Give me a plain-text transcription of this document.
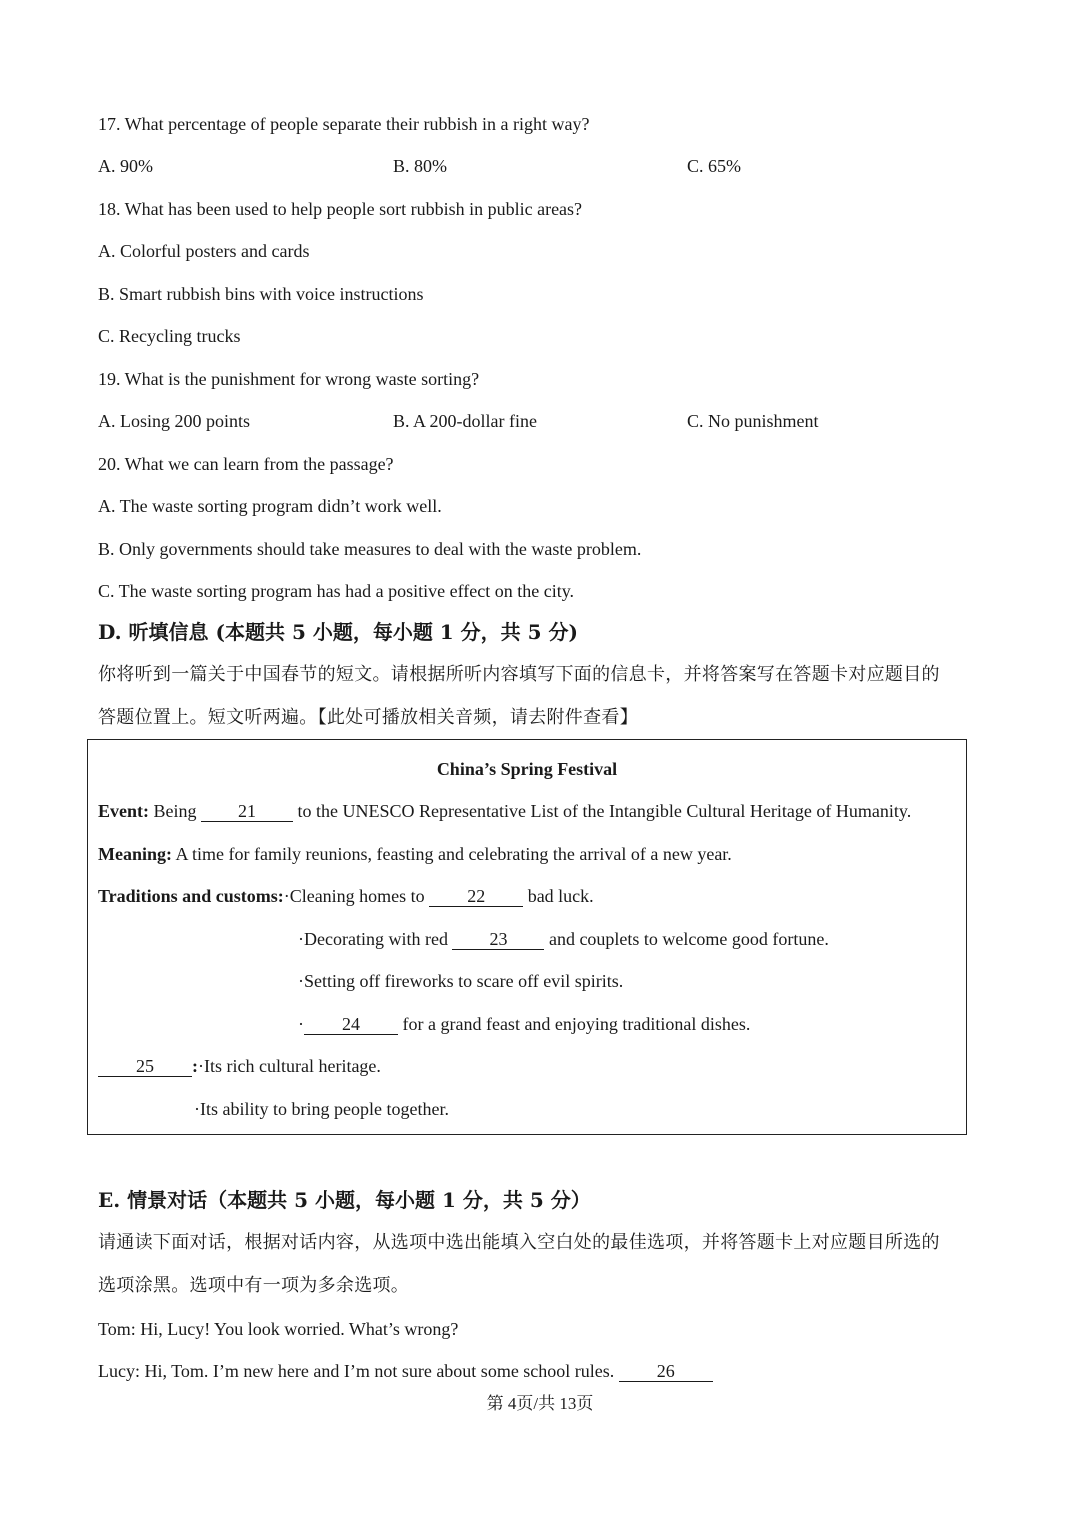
17. What percentage of people separate their rubbish in a right way?
A. 90%	B. 80%	C. 65%
18. What has been used to help people sort rubbish in public areas?
A. Colorful posters and cards
B. Smart rubbish bins with voice instructions
C. Recycling trucks
19. What is the punishment for wrong waste sorting?
A. Losing 200 points	B. A 200-dollar fine	C. No punishment
20. What we can learn from the passage?
A. The waste sorting program didn’t work well.
B. Only governments should take measures to deal with the waste problem.
C. The waste sorting program has had a positive effect on the city.
D. 听填信息 (本题共 5 小题，每小题 1 分，共 5 分)
你将听到一篇关于中国春节的短文。请根据所听内容填写下面的信息卡，并将答案写在答题卡对应题目的
答题位置上。短文听两遍。【此处可播放相关音频，请去附件查看】
China’s Spring Festival
Event: Being 21 to the UNESCO Representative List of the Intangible Cultural Heritage of Humanity.
Meaning: A time for family reunions, feasting and celebrating the arrival of a new year.
Traditions and customs:·Cleaning homes to 22 bad luck.
·Decorating with red 23 and couplets to welcome good fortune.
·Setting off fireworks to scare off evil spirits.
· 24 for a grand feast and enjoying traditional dishes.
25 :·Its rich cultural heritage.
·Its ability to bring people together.
E. 情景对话（本题共 5 小题，每小题 1 分，共 5 分）
请通读下面对话，根据对话内容，从选项中选出能填入空白处的最佳选项，并将答题卡上对应题目所选的
选项涂黑。选项中有一项为多余选项。
Tom: Hi, Lucy! You look worried. What’s wrong?
Lucy: Hi, Tom. I’m new here and I’m not sure about some school rules. 26
第 4页/共 13页
